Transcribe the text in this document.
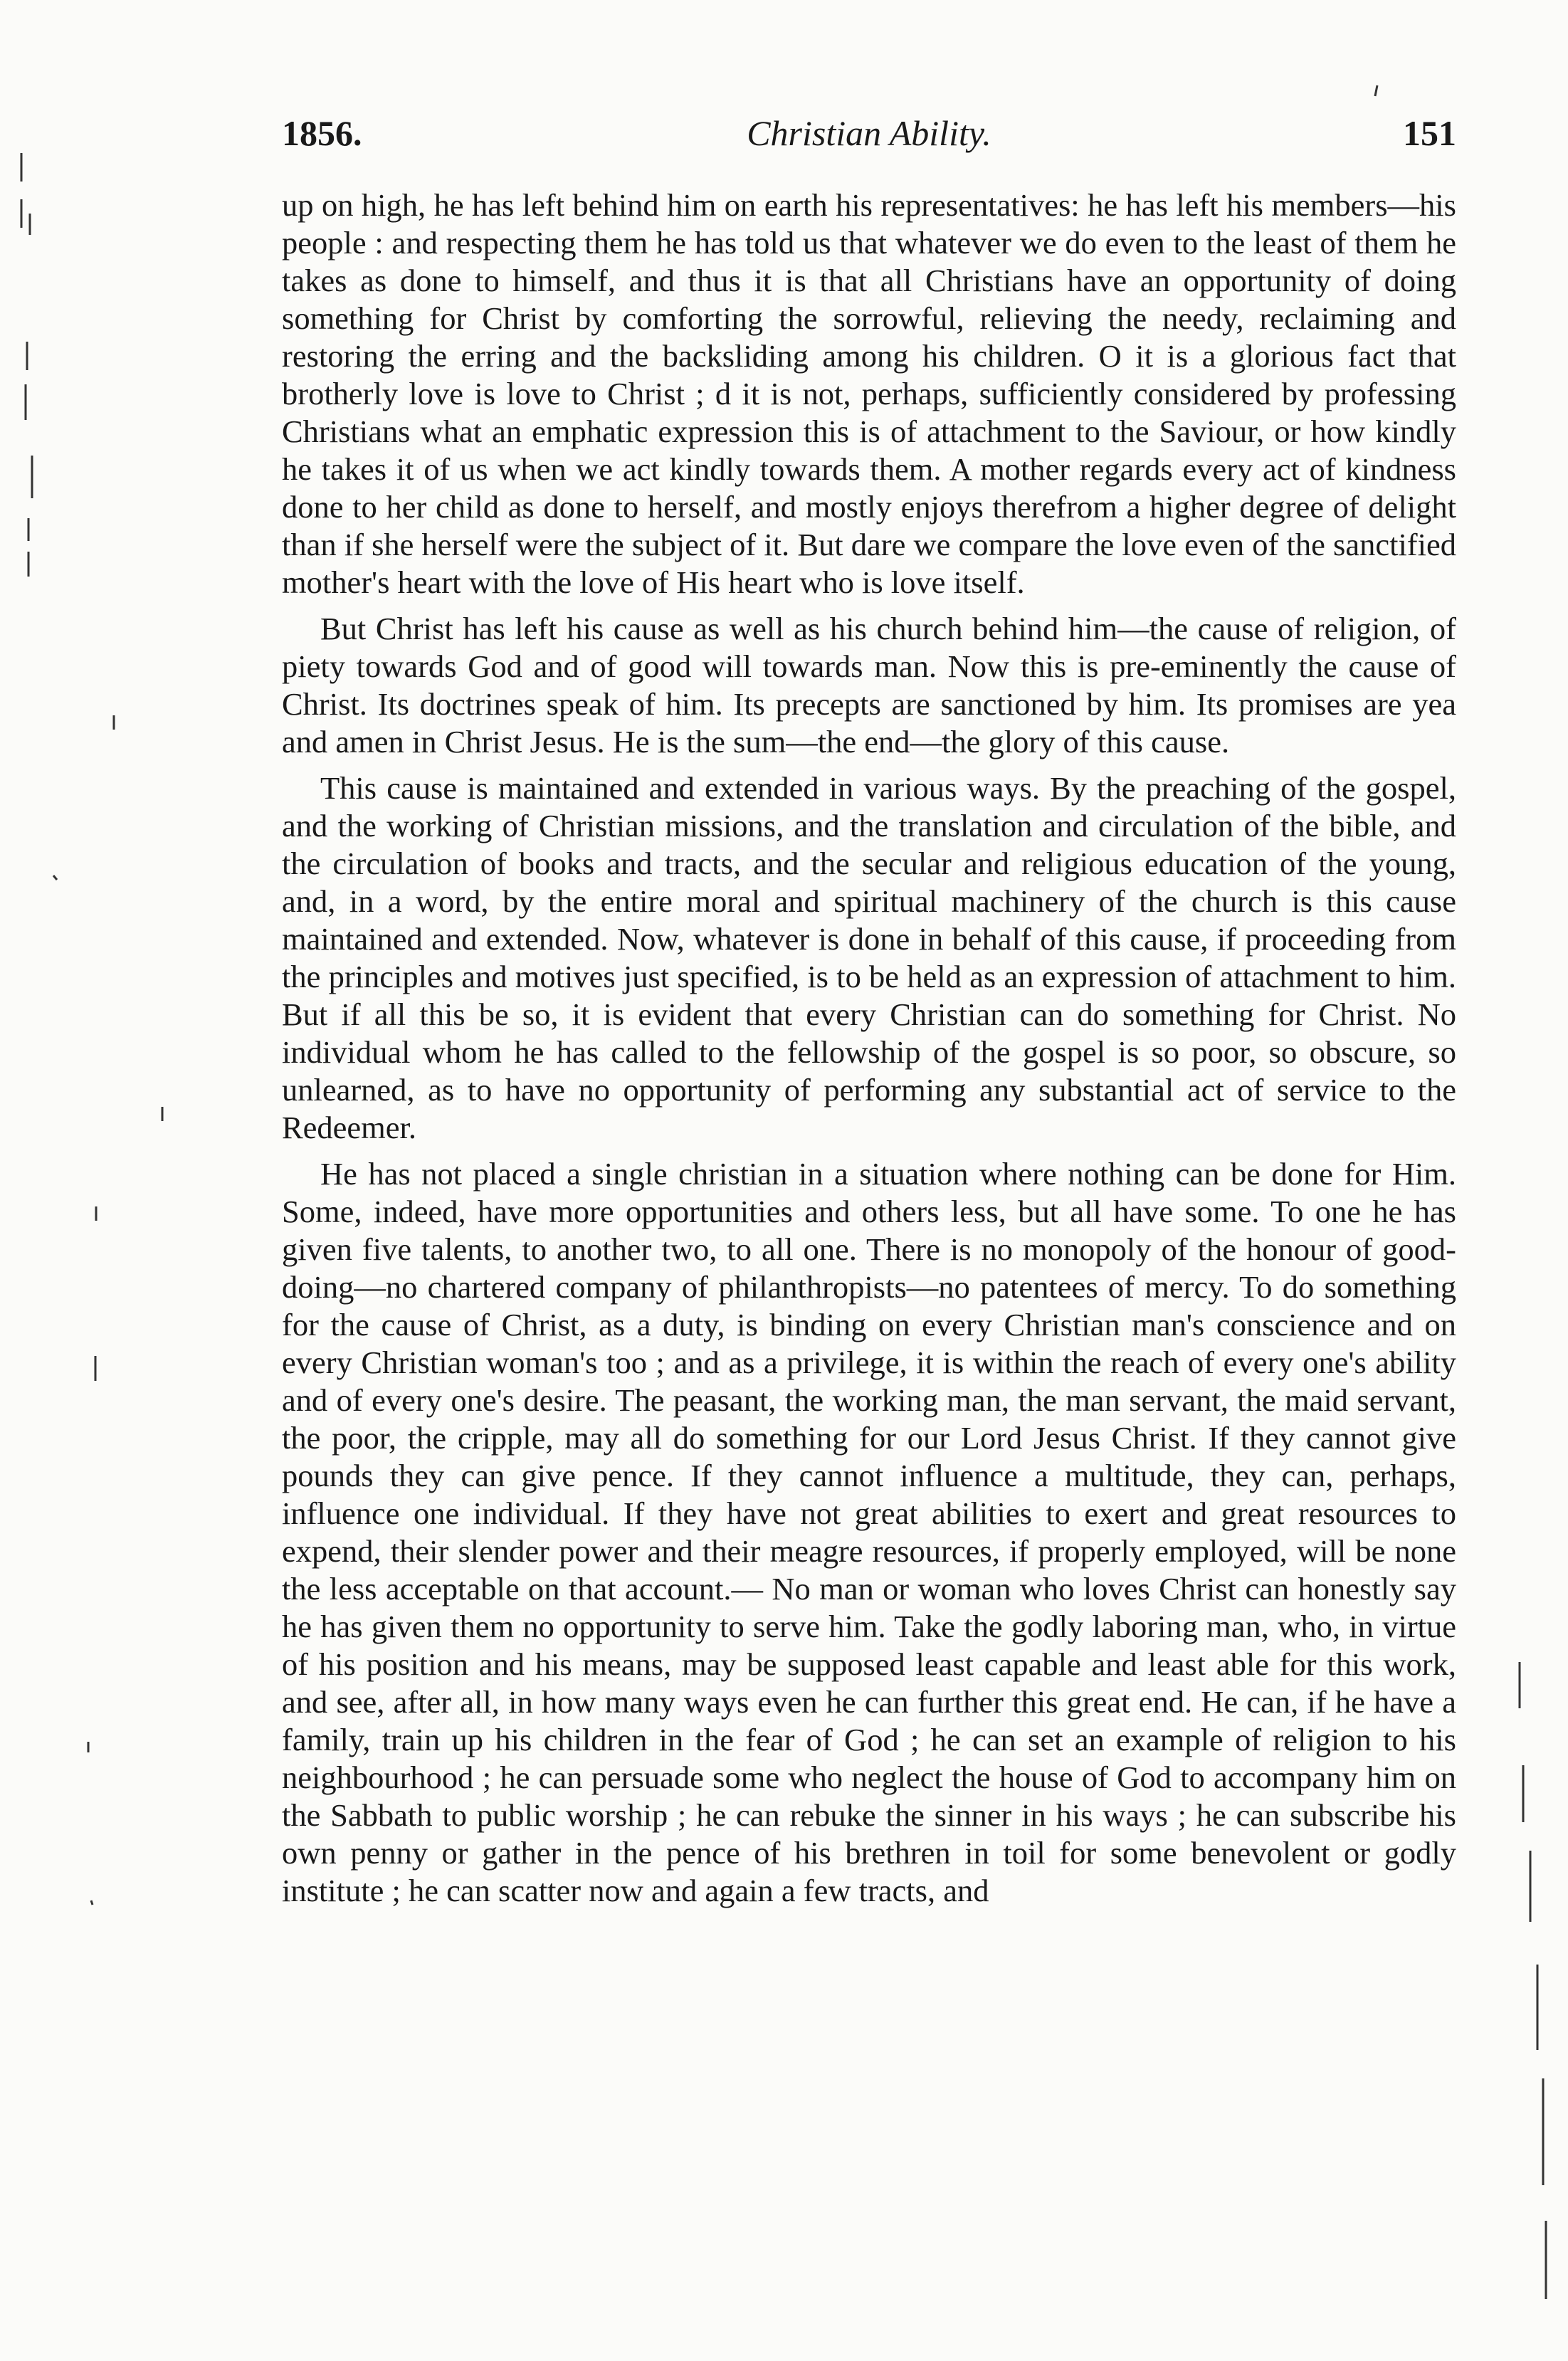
1856.	Christian Ability.	151

up on high, he has left behind him on earth his representatives: he has left his members—his people : and respecting them he has told us that whatever we do even to the least of them he takes as done to himself, and thus it is that all Christians have an opportunity of doing something for Christ by comforting the sorrowful, relieving the needy, reclaiming and restoring the erring and the backsliding among his children. O it is a glorious fact that brotherly love is love to Christ ; d it is not, perhaps, sufficiently considered by professing Christians what an emphatic expression this is of attachment to the Saviour, or how kindly he takes it of us when we act kindly towards them. A mother regards every act of kindness done to her child as done to herself, and mostly enjoys therefrom a higher degree of delight than if she herself were the subject of it. But dare we compare the love even of the sanctified mother's heart with the love of His heart who is love itself.

But Christ has left his cause as well as his church behind him—the cause of religion, of piety towards God and of good will towards man. Now this is pre-eminently the cause of Christ. Its doctrines speak of him. Its precepts are sanctioned by him. Its promises are yea and amen in Christ Jesus. He is the sum—the end—the glory of this cause.

This cause is maintained and extended in various ways. By the preaching of the gospel, and the working of Christian missions, and the translation and circulation of the bible, and the circulation of books and tracts, and the secular and religious education of the young, and, in a word, by the entire moral and spiritual machinery of the church is this cause maintained and extended. Now, whatever is done in behalf of this cause, if proceeding from the principles and motives just specified, is to be held as an expression of attachment to him. But if all this be so, it is evident that every Christian can do something for Christ. No individual whom he has called to the fellowship of the gospel is so poor, so obscure, so unlearned, as to have no opportunity of performing any substantial act of service to the Redeemer.

He has not placed a single christian in a situation where nothing can be done for Him. Some, indeed, have more opportunities and others less, but all have some. To one he has given five talents, to another two, to all one. There is no monopoly of the honour of good-doing—no chartered company of philanthropists—no patentees of mercy. To do something for the cause of Christ, as a duty, is binding on every Christian man's conscience and on every Christian woman's too ; and as a privilege, it is within the reach of every one's ability and of every one's desire. The peasant, the working man, the man servant, the maid servant, the poor, the cripple, may all do something for our Lord Jesus Christ. If they cannot give pounds they can give pence. If they cannot influence a multitude, they can, perhaps, influence one individual. If they have not great abilities to exert and great resources to expend, their slender power and their meagre resources, if properly employed, will be none the less acceptable on that account.— No man or woman who loves Christ can honestly say he has given them no opportunity to serve him. Take the godly laboring man, who, in virtue of his position and his means, may be supposed least capable and least able for this work, and see, after all, in how many ways even he can further this great end. He can, if he have a family, train up his children in the fear of God ; he can set an example of religion to his neighbourhood ; he can persuade some who neglect the house of God to accompany him on the Sabbath to public worship ; he can rebuke the sinner in his ways ; he can subscribe his own penny or gather in the pence of his brethren in toil for some benevolent or godly institute ; he can scatter now and again a few tracts, and
